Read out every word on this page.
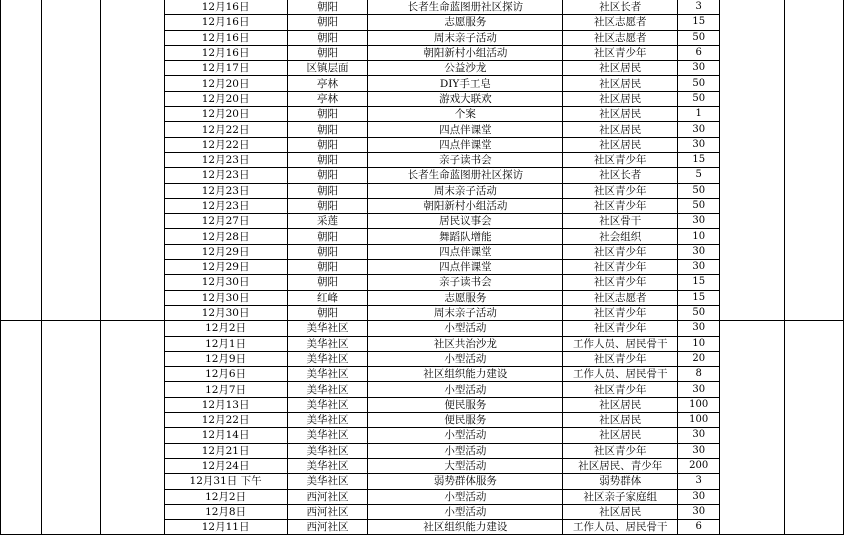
			12月16日	朝阳	长者生命蓝图册社区探访	社区长者	3		
			12月16日	朝阳	志愿服务	社区志愿者	15		
			12月16日	朝阳	周末亲子活动	社区志愿者	50		
			12月16日	朝阳	朝阳新村小组活动	社区青少年	6		
			12月17日	区镇层面	公益沙龙	社区居民	30		
			12月20日	亭林	DIY手工皂	社区居民	50		
			12月20日	亭林	游戏大联欢	社区居民	50		
			12月20日	朝阳	个案	社区居民	1		
			12月22日	朝阳	四点伴课堂	社区居民	30		
			12月22日	朝阳	四点伴课堂	社区居民	30		
			12月23日	朝阳	亲子读书会	社区青少年	15		
			12月23日	朝阳	长者生命蓝图册社区探访	社区长者	5		
			12月23日	朝阳	周末亲子活动	社区青少年	50		
			12月23日	朝阳	朝阳新村小组活动	社区青少年	50		
			12月27日	采莲	居民议事会	社区骨干	30		
			12月28日	朝阳	舞蹈队增能	社会组织	10		
			12月29日	朝阳	四点伴课堂	社区青少年	30		
			12月29日	朝阳	四点伴课堂	社区青少年	30		
			12月30日	朝阳	亲子读书会	社区青少年	15		
			12月30日	红峰	志愿服务	社区志愿者	15		
			12月30日	朝阳	周末亲子活动	社区青少年	50		
			12月2日	美华社区	小型活动	社区青少年	30		
			12月1日	美华社区	社区共治沙龙	工作人员、居民骨干	10		
			12月9日	美华社区	小型活动	社区青少年	20		
			12月6日	美华社区	社区组织能力建设	工作人员、居民骨干	8		
			12月7日	美华社区	小型活动	社区青少年	30		
			12月13日	美华社区	便民服务	社区居民	100		
			12月22日	美华社区	便民服务	社区居民	100		
			12月14日	美华社区	小型活动	社区居民	30		
			12月21日	美华社区	小型活动	社区青少年	30		
			12月24日	美华社区	大型活动	社区居民、青少年	200		
			12月31日 下午	美华社区	弱势群体服务	弱势群体	3		
			12月2日	西河社区	小型活动	社区亲子家庭组	30		
			12月8日	西河社区	小型活动	社区居民	30		
			12月11日	西河社区	社区组织能力建设	工作人员、居民骨干	6		
